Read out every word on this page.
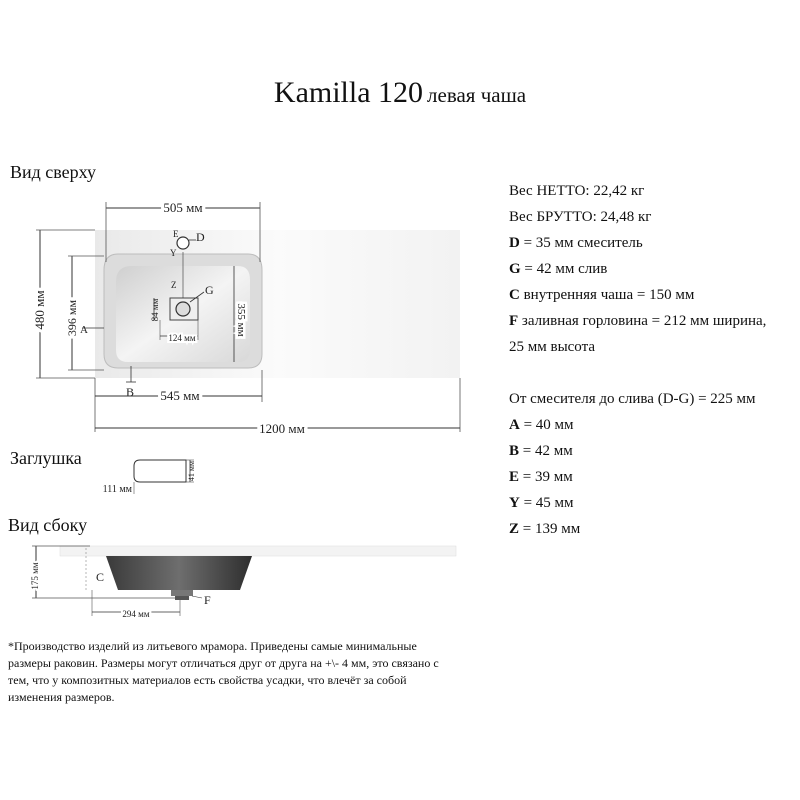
Kamilla 120 левая чаша
Вид сверху
Заглушка
Вид сбоку
505 мм
480 мм 396 мм A	355 мм
84 мм
124 мм
E D
Y
Z G
B 545 мм
1200 мм
41 мм
111 мм
175 мм	C
294 мм
F
Вес НЕТТО: 22,42 кг
Вес БРУТТО: 24,48 кг
D = 35 мм смеситель
G = 42 мм слив
C внутренняя чаша = 150 мм
F заливная горловина = 212 мм ширина,
25 мм высота
От смесителя до слива (D-G) = 225 мм
A = 40 мм
B = 42 мм
E = 39 мм
Y = 45 мм
Z = 139 мм
*Производство изделий из литьевого мрамора. Приведены самые минимальные размеры раковин. Размеры могут отличаться друг от друга на +\- 4 мм, это связано с тем, что у композитных материалов есть свойства усадки, что влечёт за собой изменения размеров.
